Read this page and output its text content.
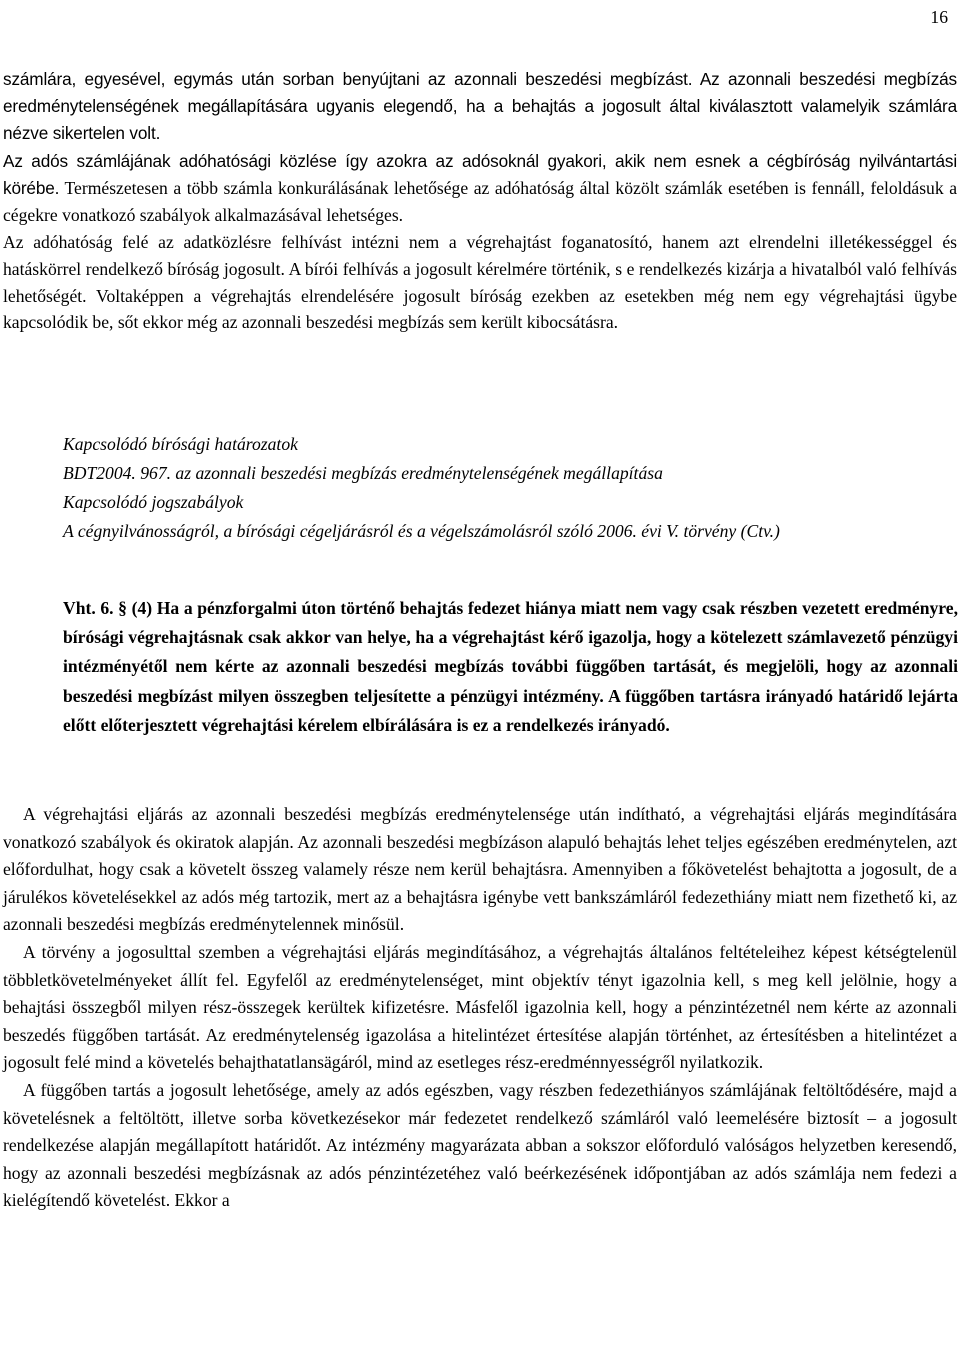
16

számlára, egyesével, egymás után sorban benyújtani az azonnali beszedési megbízást. Az azonnali beszedési megbízás eredménytelenségének megállapítására ugyanis elegendő, ha a behajtás a jogosult által kiválasztott valamelyik számlára nézve sikertelen volt.

Az adós számlájának adóhatósági közlése így azokra az adósoknál gyakori, akik nem esnek a cégbíróság nyilvántartási körébe. Természetesen a több számla konkurálásának lehetősége az adóhatóság által közölt számlák esetében is fennáll, feloldásuk a cégekre vonatkozó szabályok alkalmazásával lehetséges.

Az adóhatóság felé az adatközlésre felhívást intézni nem a végrehajtást foganatosító, hanem azt elrendelni illetékességgel és hatáskörrel rendelkező bíróság jogosult. A bírói felhívás a jogosult kérelmére történik, s e rendelkezés kizárja a hivatalból való felhívás lehetőségét. Voltaképpen a végrehajtás elrendelésére jogosult bíróság ezekben az esetekben még nem egy végrehajtási ügybe kapcsolódik be, sőt ekkor még az azonnali beszedési megbízás sem került kibocsátásra.

Kapcsolódó bírósági határozatok

BDT2004. 967. az azonnali beszedési megbízás eredménytelenségének megállapítása

Kapcsolódó jogszabályok

A cégnyilvánosságról, a bírósági cégeljárásról és a végelszámolásról szóló 2006. évi V. törvény (Ctv.)

Vht. 6. § (4) Ha a pénzforgalmi úton történő behajtás fedezet hiánya miatt nem vagy csak részben vezetett eredményre, bírósági végrehajtásnak csak akkor van helye, ha a végrehajtást kérő igazolja, hogy a kötelezett számlavezető pénzügyi intézményétől nem kérte az azonnali beszedési megbízás további függőben tartását, és megjelöli, hogy az azonnali beszedési megbízást milyen összegben teljesítette a pénzügyi intézmény. A függőben tartásra irányadó határidő lejárta előtt előterjesztett végrehajtási kérelem elbírálására is ez a rendelkezés irányadó.

A végrehajtási eljárás az azonnali beszedési megbízás eredménytelensége után indítható, a végrehajtási eljárás megindítására vonatkozó szabályok és okiratok alapján. Az azonnali beszedési megbízáson alapuló behajtás lehet teljes egészében eredménytelen, azt előfordulhat, hogy csak a követelt összeg valamely része nem kerül behajtásra. Amennyiben a főkövetelést behajtotta a jogosult, de a járulékos követelésekkel az adós még tartozik, mert az a behajtásra igénybe vett bankszámláról fedezethiány miatt nem fizethető ki, az azonnali beszedési megbízás eredménytelennek minősül.

A törvény a jogosulttal szemben a végrehajtási eljárás megindításához, a végrehajtás általános feltételeihez képest kétségtelenül többletkövetelményeket állít fel. Egyfelől az eredménytelenséget, mint objektív tényt igazolnia kell, s meg kell jelölnie, hogy a behajtási összegből milyen rész-összegek kerültek kifizetésre. Másfelől igazolnia kell, hogy a pénzintézetnél nem kérte az azonnali beszedés függőben tartását. Az eredménytelenség igazolása a hitelintézet értesítése alapján történhet, az értesítésben a hitelintézet a jogosult felé mind a követelés behajthatatlansägáról, mind az esetleges rész-eredménnyességről nyilatkozik.

A függőben tartás a jogosult lehetősége, amely az adós egészben, vagy részben fedezethiányos számlájának feltöltődésére, majd a követelésnek a feltöltött, illetve sorba következésekor már fedezetet rendelkező számláról való leemelésére biztosít – a jogosult rendelkezése alapján megállapított határidőt. Az intézmény magyarázata abban a sokszor előforduló valóságos helyzetben keresendő, hogy az azonnali beszedési megbízásnak az adós pénzintézetéhez való beérkezésének időpontjában az adós számlája nem fedezi a kielégítendő követelést. Ekkor a
